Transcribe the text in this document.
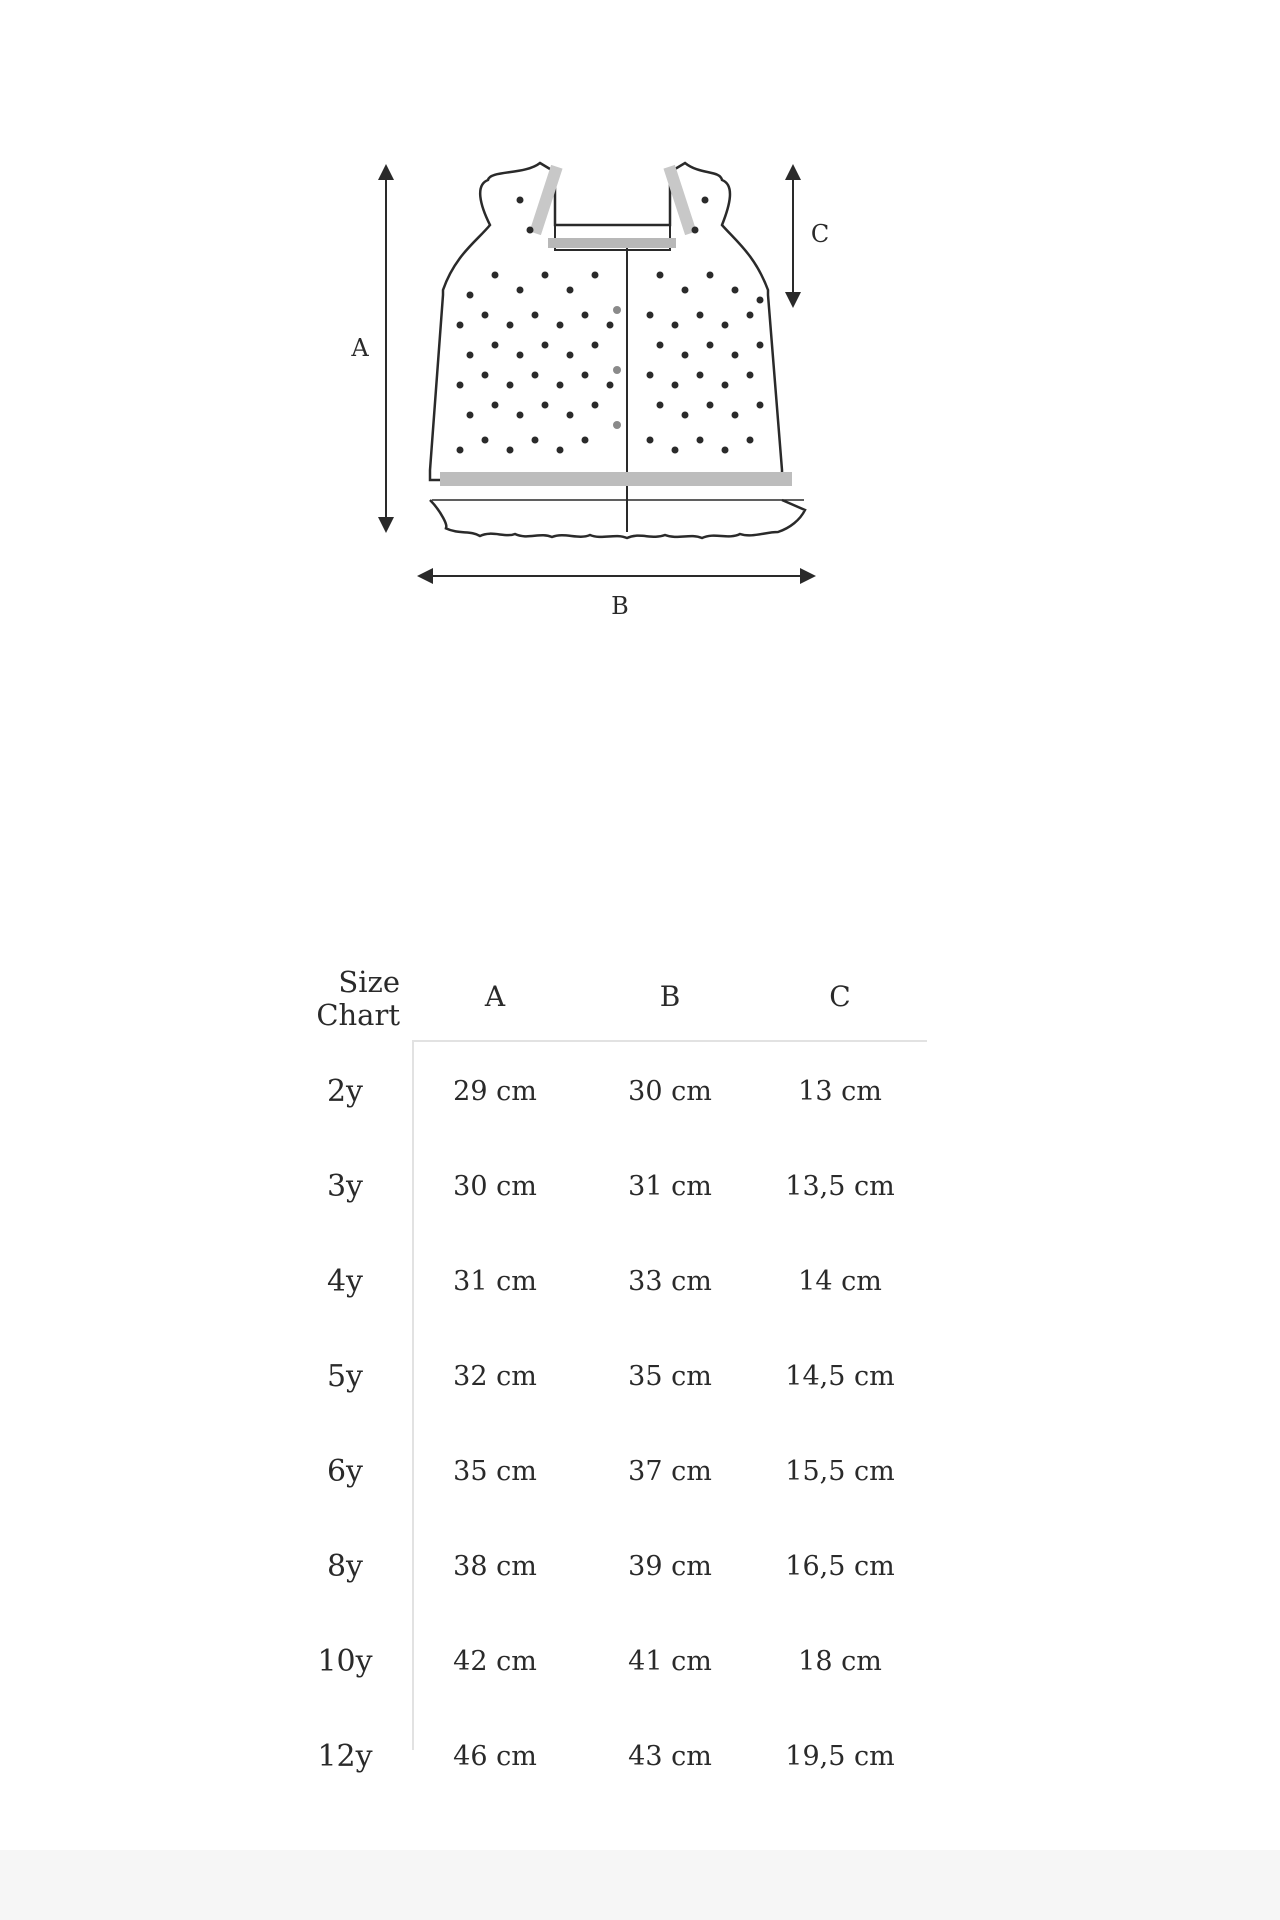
A
C
B
Size
Chart
A	B	C
2y	29 cm	30 cm	13 cm
3y	30 cm	31 cm	13,5 cm
4y	31 cm	33 cm	14 cm
5y	32 cm	35 cm	14,5 cm
6y	35 cm	37 cm	15,5 cm
8y	38 cm	39 cm	16,5 cm
10y	42 cm	41 cm	18 cm
12y	46 cm	43 cm	19,5 cm
